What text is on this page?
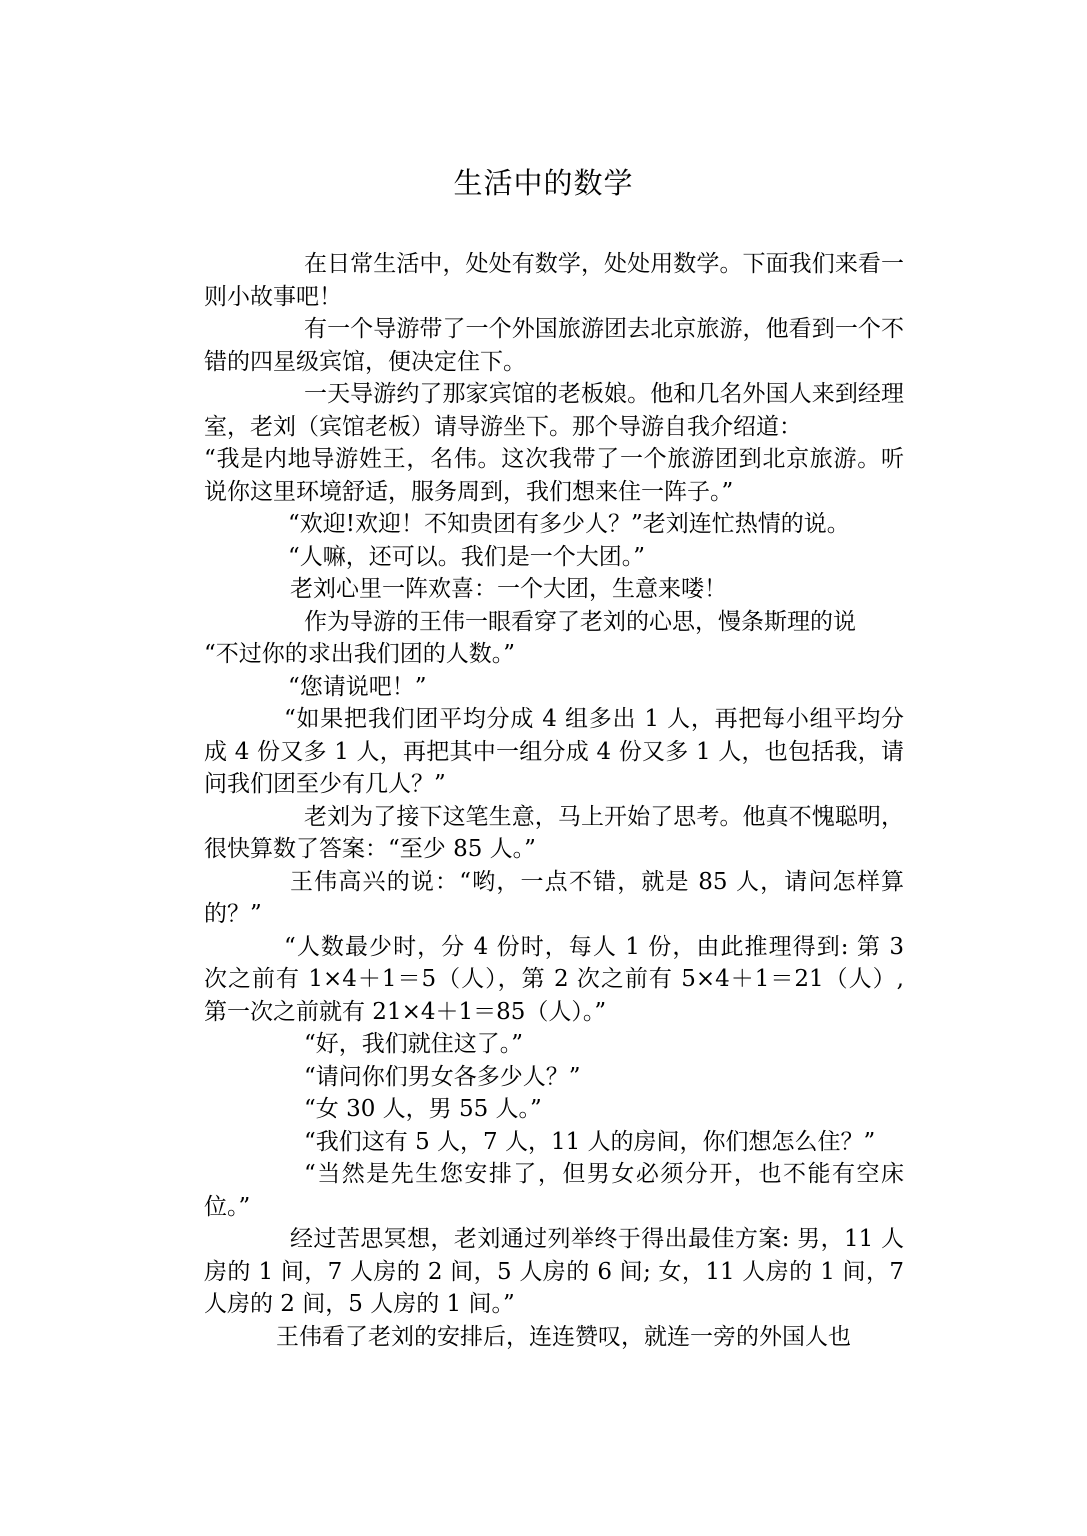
生活中的数学

在日常生活中，处处有数学，处处用数学。下面我们来看一则小故事吧！

有一个导游带了一个外国旅游团去北京旅游，他看到一个不错的四星级宾馆，便决定住下。

一天导游约了那家宾馆的老板娘。他和几名外国人来到经理室，老刘（宾馆老板）请导游坐下。那个导游自我介绍道：

“我是内地导游姓王，名伟。这次我带了一个旅游团到北京旅游。听说你这里环境舒适，服务周到，我们想来住一阵子。”

“欢迎!欢迎！不知贵团有多少人？”老刘连忙热情的说。

“人嘛，还可以。我们是一个大团。”

老刘心里一阵欢喜：一个大团，生意来喽！

作为导游的王伟一眼看穿了老刘的心思，慢条斯理的说

“不过你的求出我们团的人数。”

“您请说吧！”

“如果把我们团平均分成 4 组多出 1 人，再把每小组平均分成 4 份又多 1 人，再把其中一组分成 4 份又多 1 人，也包括我，请问我们团至少有几人？”

老刘为了接下这笔生意，马上开始了思考。他真不愧聪明，很快算数了答案：“至少 85 人。”

王伟高兴的说：“哟，一点不错，就是 85 人，请问怎样算的？”

“人数最少时，分 4 份时，每人 1 份，由此推理得到: 第 3 次之前有 1×4＋1＝5（人），第 2 次之前有 5×4＋1＝21（人）, 第一次之前就有 21×4＋1＝85（人）。”

“好，我们就住这了。”

“请问你们男女各多少人？”

“女 30 人，男 55 人。”

“我们这有 5 人，7 人，11 人的房间，你们想怎么住？”

“当然是先生您安排了，但男女必须分开，也不能有空床位。”

经过苦思冥想，老刘通过列举终于得出最佳方案: 男，11 人房的 1 间，7 人房的 2 间，5 人房的 6 间; 女，11 人房的 1 间，7 人房的 2 间，5 人房的 1 间。”

王伟看了老刘的安排后，连连赞叹，就连一旁的外国人也
